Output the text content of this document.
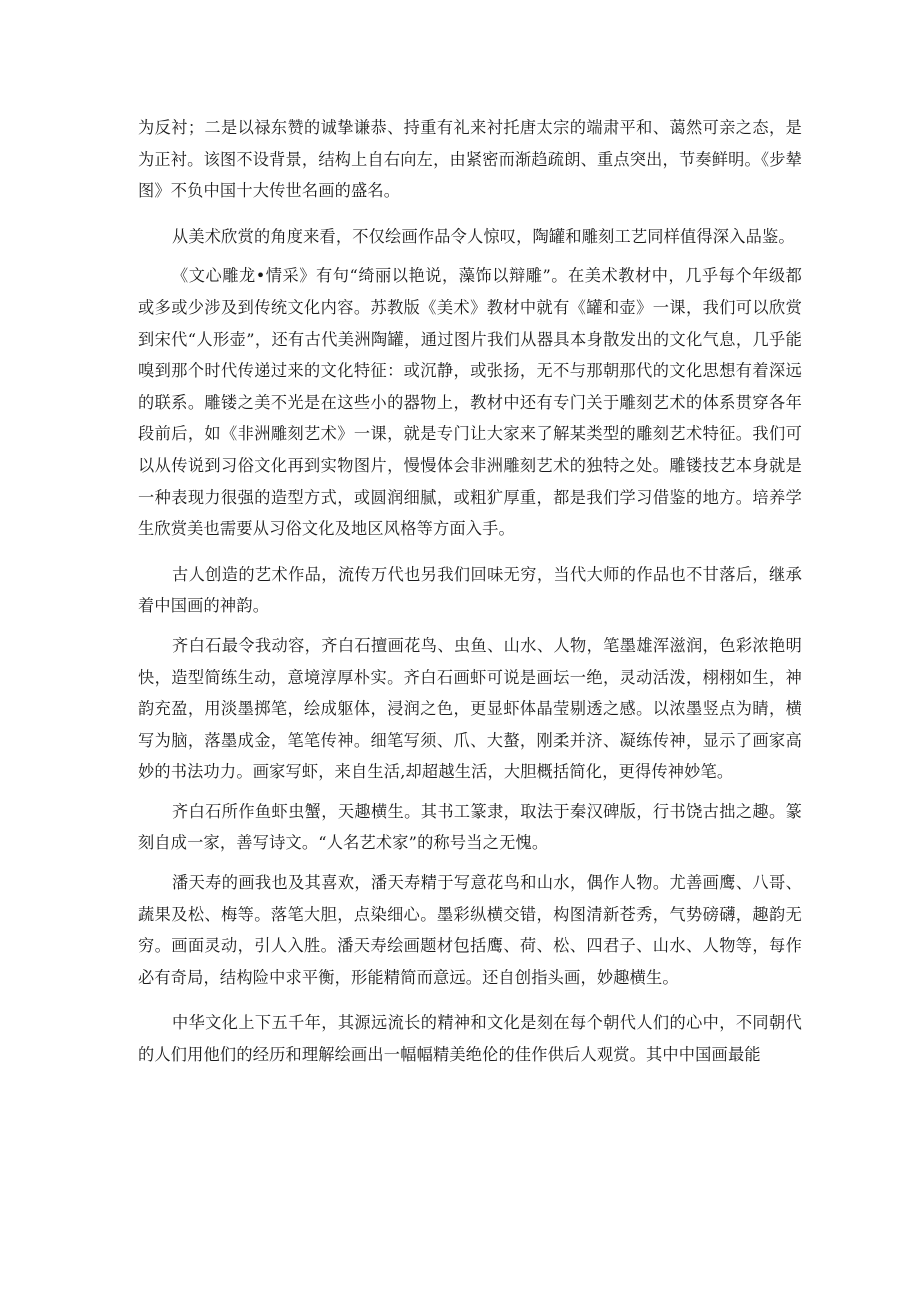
为反衬；二是以禄东赞的诚挚谦恭、持重有礼来衬托唐太宗的端肃平和、蔼然可亲之态，是为正衬。该图不设背景，结构上自右向左，由紧密而渐趋疏朗、重点突出，节奏鲜明。《步辇图》不负中国十大传世名画的盛名。

从美术欣赏的角度来看，不仅绘画作品令人惊叹，陶罐和雕刻工艺同样值得深入品鉴。

《文心雕龙•情采》有句“绮丽以艳说，藻饰以辩雕”。在美术教材中，几乎每个年级都或多或少涉及到传统文化内容。苏教版《美术》教材中就有《罐和壶》一课，我们可以欣赏到宋代“人形壶”，还有古代美洲陶罐，通过图片我们从器具本身散发出的文化气息，几乎能嗅到那个时代传递过来的文化特征：或沉静，或张扬，无不与那朝那代的文化思想有着深远的联系。雕镂之美不光是在这些小的器物上，教材中还有专门关于雕刻艺术的体系贯穿各年段前后，如《非洲雕刻艺术》一课，就是专门让大家来了解某类型的雕刻艺术特征。我们可以从传说到习俗文化再到实物图片，慢慢体会非洲雕刻艺术的独特之处。雕镂技艺本身就是一种表现力很强的造型方式，或圆润细腻，或粗犷厚重，都是我们学习借鉴的地方。培养学生欣赏美也需要从习俗文化及地区风格等方面入手。

古人创造的艺术作品，流传万代也另我们回味无穷，当代大师的作品也不甘落后，继承着中国画的神韵。

齐白石最令我动容，齐白石擅画花鸟、虫鱼、山水、人物，笔墨雄浑滋润，色彩浓艳明快，造型简练生动，意境淳厚朴实。齐白石画虾可说是画坛一绝，灵动活泼，栩栩如生，神韵充盈，用淡墨掷笔，绘成躯体，浸润之色，更显虾体晶莹剔透之感。以浓墨竖点为睛，横写为脑，落墨成金，笔笔传神。细笔写须、爪、大螯，刚柔并济、凝练传神，显示了画家高妙的书法功力。画家写虾，来自生活,却超越生活，大胆概括简化，更得传神妙笔。

齐白石所作鱼虾虫蟹，天趣横生。其书工篆隶，取法于秦汉碑版，行书饶古拙之趣。篆刻自成一家，善写诗文。“人名艺术家”的称号当之无愧。

潘天寿的画我也及其喜欢，潘天寿精于写意花鸟和山水，偶作人物。尤善画鹰、八哥、蔬果及松、梅等。落笔大胆，点染细心。墨彩纵横交错，构图清新苍秀，气势磅礴，趣韵无穷。画面灵动，引人入胜。潘天寿绘画题材包括鹰、荷、松、四君子、山水、人物等，每作必有奇局，结构险中求平衡，形能精简而意远。还自创指头画，妙趣横生。

中华文化上下五千年，其源远流长的精神和文化是刻在每个朝代人们的心中，不同朝代的人们用他们的经历和理解绘画出一幅幅精美绝伦的佳作供后人观赏。其中中国画最能
